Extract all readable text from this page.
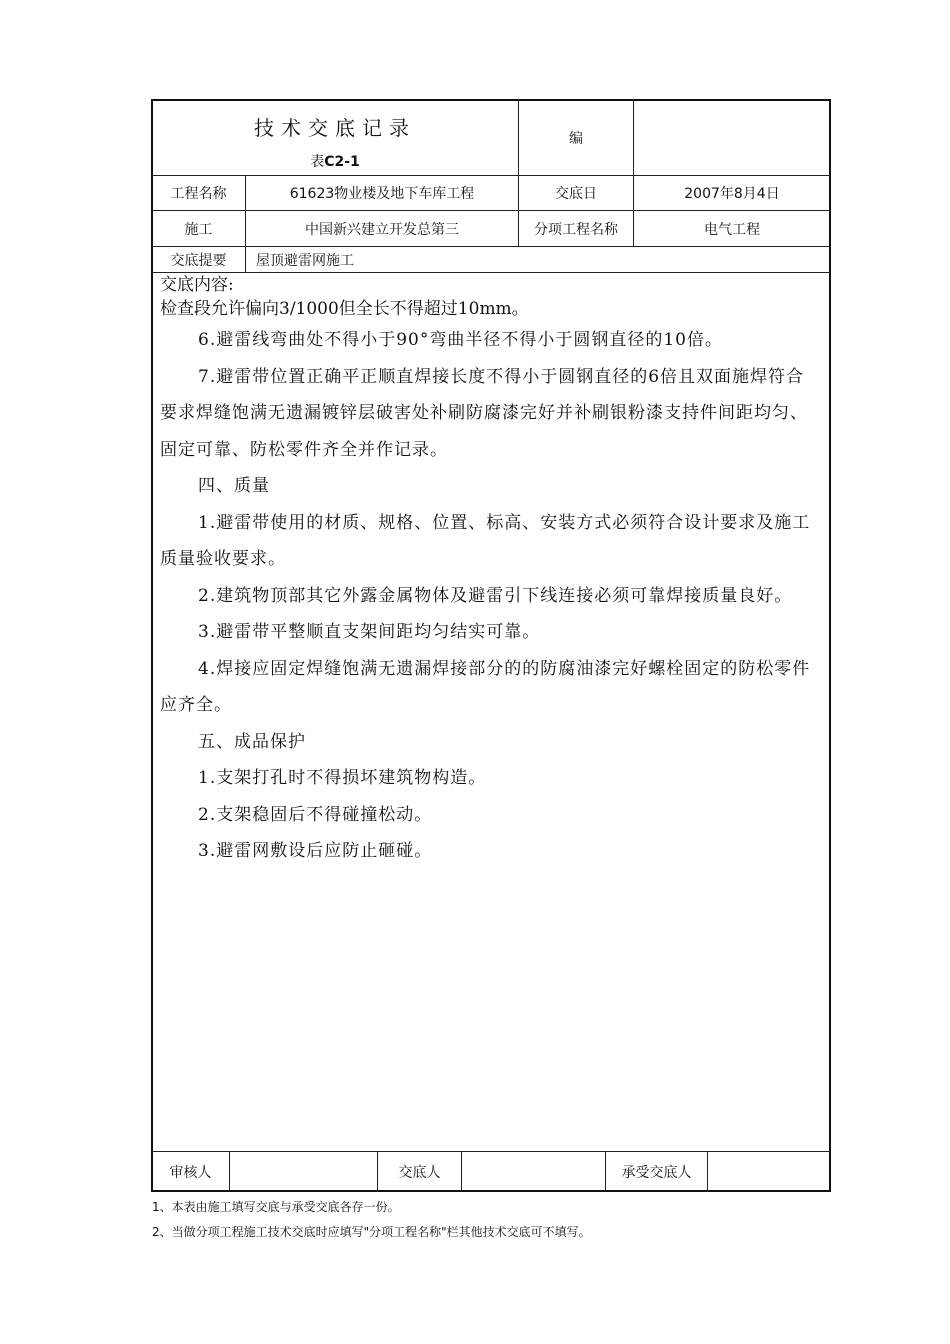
技术交底记录
表C2-1
编
工程名称	61623物业楼及地下车库工程	交底日	2007年8月4日
施工	中国新兴建立开发总第三	分项工程名称	电气工程
交底提要	屋顶避雷网施工

交底内容:

检查段允许偏向3/1000但全长不得超过10mm。

6.避雷线弯曲处不得小于90°弯曲半径不得小于圆钢直径的10倍。

7.避雷带位置正确平正顺直焊接长度不得小于圆钢直径的6倍且双面施焊符合要求焊缝饱满无遗漏镀锌层破害处补刷防腐漆完好并补刷银粉漆支持件间距均匀、固定可靠、防松零件齐全并作记录。

四、质量

1.避雷带使用的材质、规格、位置、标高、安装方式必须符合设计要求及施工质量验收要求。

2.建筑物顶部其它外露金属物体及避雷引下线连接必须可靠焊接质量良好。

3.避雷带平整顺直支架间距均匀结实可靠。

4.焊接应固定焊缝饱满无遗漏焊接部分的的防腐油漆完好螺栓固定的防松零件应齐全。

五、成品保护

1.支架打孔时不得损坏建筑物构造。

2.支架稳固后不得碰撞松动。

3.避雷网敷设后应防止砸碰。

审核人	交底人	承受交底人
1、本表由施工填写交底与承受交底各存一份。
2、当做分项工程施工技术交底时应填写"分项工程名称"栏其他技术交底可不填写。
